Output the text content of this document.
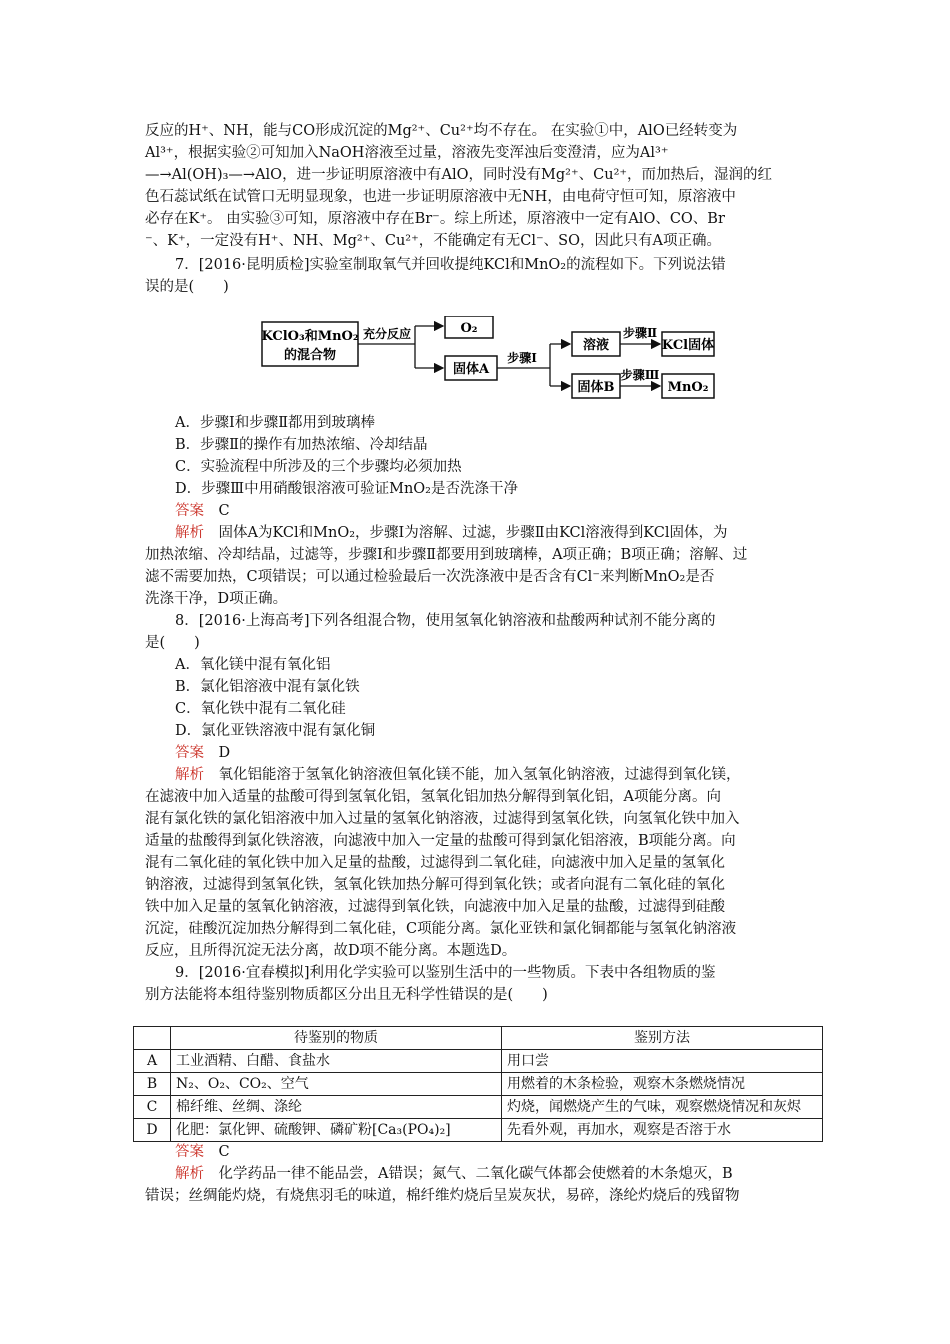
反应的H⁺、NH，能与CO形成沉淀的Mg²⁺、Cu²⁺均不存在。 在实验①中，AlO已经转变为
Al³⁺，根据实验②可知加入NaOH溶液至过量，溶液先变浑浊后变澄清，应为Al³⁺
—→Al(OH)₃—→AlO，进一步证明原溶液中有AlO，同时没有Mg²⁺、Cu²⁺，而加热后，湿润的红
色石蕊试纸在试管口无明显现象，也进一步证明原溶液中无NH，由电荷守恒可知，原溶液中
必存在K⁺。 由实验③可知，原溶液中存在Br⁻。综上所述，原溶液中一定有AlO、CO、Br
⁻、K⁺，一定没有H⁺、NH、Mg²⁺、Cu²⁺，不能确定有无Cl⁻、SO，因此只有A项正确。
7．[2016·昆明质检]实验室制取氧气并回收提纯KCl和MnO₂的流程如下。下列说法错
误的是(　　)
KClO₃和MnO₂
的混合物
充分反应	O₂
固体A
步骤Ⅰ
溶液
步骤Ⅱ
KCl固体
固体B
步骤Ⅲ
MnO₂
A．步骤Ⅰ和步骤Ⅱ都用到玻璃棒
B．步骤Ⅱ的操作有加热浓缩、冷却结晶
C．实验流程中所涉及的三个步骤均必须加热
D．步骤Ⅲ中用硝酸银溶液可验证MnO₂是否洗涤干净
答案　 C
解析　 固体A为KCl和MnO₂，步骤Ⅰ为溶解、过滤，步骤Ⅱ由KCl溶液得到KCl固体，为
加热浓缩、冷却结晶，过滤等，步骤Ⅰ和步骤Ⅱ都要用到玻璃棒，A项正确；B项正确；溶解、过
滤不需要加热，C项错误；可以通过检验最后一次洗涤液中是否含有Cl⁻来判断MnO₂是否
洗涤干净，D项正确。
8．[2016·上海高考]下列各组混合物，使用氢氧化钠溶液和盐酸两种试剂不能分离的
是(　　)
A．氧化镁中混有氧化铝
B．氯化铝溶液中混有氯化铁
C．氧化铁中混有二氧化硅
D．氯化亚铁溶液中混有氯化铜
答案　 D
解析　 氧化铝能溶于氢氧化钠溶液但氧化镁不能，加入氢氧化钠溶液，过滤得到氧化镁，
在滤液中加入适量的盐酸可得到氢氧化铝，氢氧化铝加热分解得到氧化铝，A项能分离。向
混有氯化铁的氯化铝溶液中加入过量的氢氧化钠溶液，过滤得到氢氧化铁，向氢氧化铁中加入
适量的盐酸得到氯化铁溶液，向滤液中加入一定量的盐酸可得到氯化铝溶液，B项能分离。向
混有二氧化硅的氧化铁中加入足量的盐酸，过滤得到二氧化硅，向滤液中加入足量的氢氧化
钠溶液，过滤得到氢氧化铁，氢氧化铁加热分解可得到氧化铁；或者向混有二氧化硅的氧化
铁中加入足量的氢氧化钠溶液，过滤得到氧化铁，向滤液中加入足量的盐酸，过滤得到硅酸
沉淀，硅酸沉淀加热分解得到二氧化硅，C项能分离。氯化亚铁和氯化铜都能与氢氧化钠溶液
反应，且所得沉淀无法分离，故D项不能分离。本题选D。
9．[2016·宜春模拟]利用化学实验可以鉴别生活中的一些物质。下表中各组物质的鉴
别方法能将本组待鉴别物质都区分出且无科学性错误的是(　　)
	待鉴别的物质	鉴别方法
A	工业酒精、白醋、食盐水	用口尝
B	N₂、O₂、CO₂、空气	用燃着的木条检验，观察木条燃烧情况
C	棉纤维、丝绸、涤纶	灼烧，闻燃烧产生的气味，观察燃烧情况和灰烬
D	化肥：氯化钾、硫酸钾、磷矿粉[Ca₃(PO₄)₂]	先看外观，再加水，观察是否溶于水
答案　 C
解析　 化学药品一律不能品尝，A错误；氮气、二氧化碳气体都会使燃着的木条熄灭，B
错误；丝绸能灼烧，有烧焦羽毛的味道，棉纤维灼烧后呈炭灰状，易碎，涤纶灼烧后的残留物
